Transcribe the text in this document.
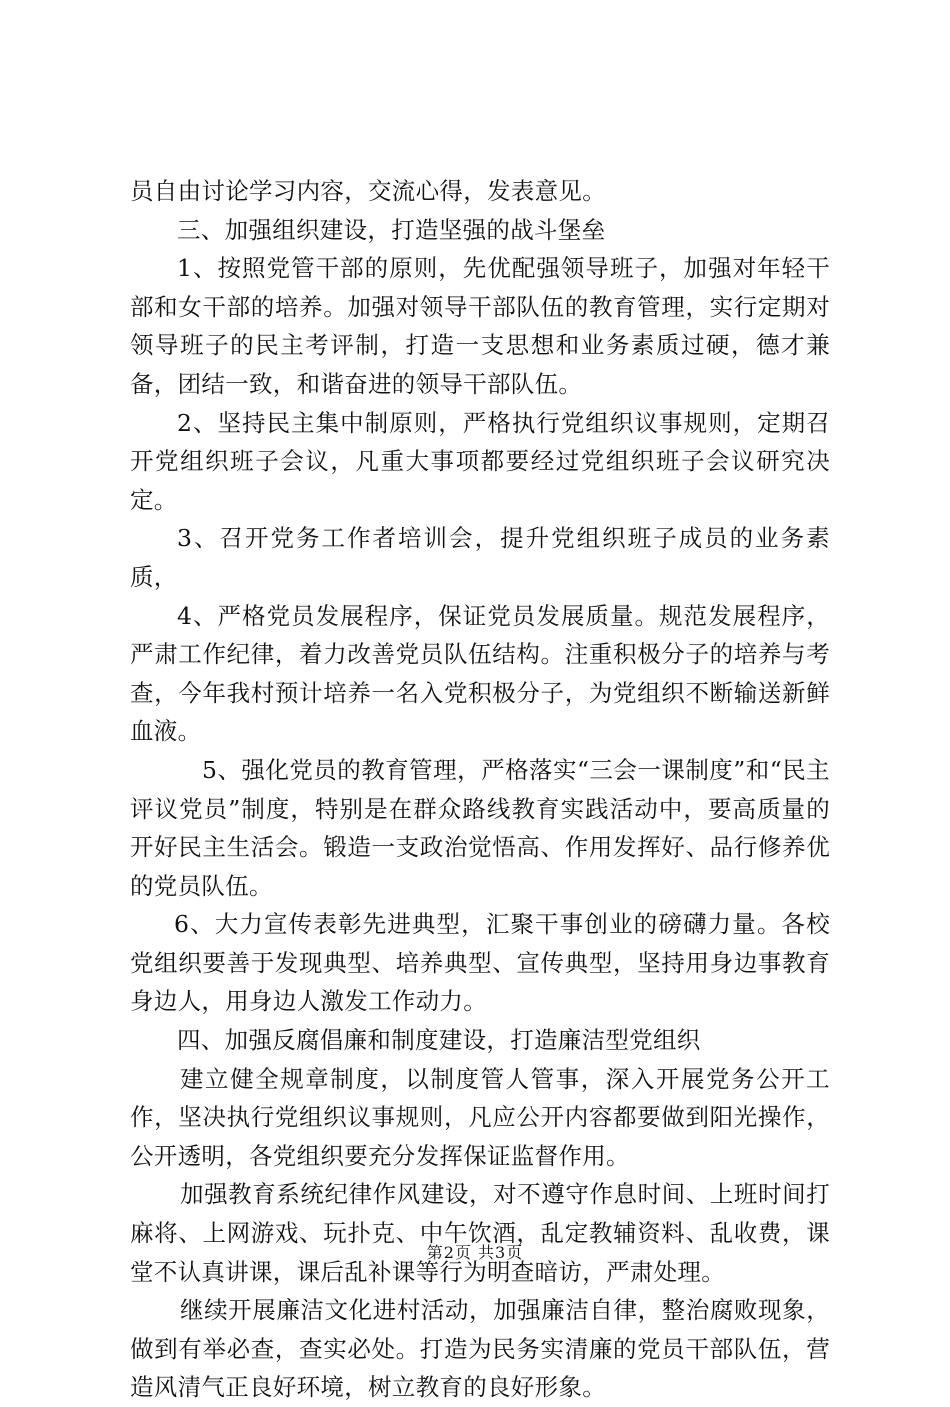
员自由讨论学习内容，交流心得，发表意见。

三、加强组织建设，打造坚强的战斗堡垒

1、按照党管干部的原则，先优配强领导班子，加强对年轻干部和女干部的培养。加强对领导干部队伍的教育管理，实行定期对领导班子的民主考评制，打造一支思想和业务素质过硬，德才兼备，团结一致，和谐奋进的领导干部队伍。

2、坚持民主集中制原则，严格执行党组织议事规则，定期召开党组织班子会议，凡重大事项都要经过党组织班子会议研究决定。

3、召开党务工作者培训会，提升党组织班子成员的业务素质，

4、严格党员发展程序，保证党员发展质量。规范发展程序，严肃工作纪律，着力改善党员队伍结构。注重积极分子的培养与考查，今年我村预计培养一名入党积极分子，为党组织不断输送新鲜血液。

5、强化党员的教育管理，严格落实“三会一课制度”和“民主评议党员”制度，特别是在群众路线教育实践活动中，要高质量的开好民主生活会。锻造一支政治觉悟高、作用发挥好、品行修养优的党员队伍。

6、大力宣传表彰先进典型，汇聚干事创业的磅礴力量。各校党组织要善于发现典型、培养典型、宣传典型，坚持用身边事教育身边人，用身边人激发工作动力。

四、加强反腐倡廉和制度建设，打造廉洁型党组织

建立健全规章制度，以制度管人管事，深入开展党务公开工作，坚决执行党组织议事规则，凡应公开内容都要做到阳光操作，公开透明，各党组织要充分发挥保证监督作用。

加强教育系统纪律作风建设，对不遵守作息时间、上班时间打麻将、上网游戏、玩扑克、中午饮酒，乱定教辅资料、乱收费，课堂不认真讲课，课后乱补课等行为明查暗访，严肃处理。

继续开展廉洁文化进村活动，加强廉洁自律，整治腐败现象，做到有举必查，查实必处。打造为民务实清廉的党员干部队伍，营造风清气正良好环境，树立教育的良好形象。

第2页 共3页
